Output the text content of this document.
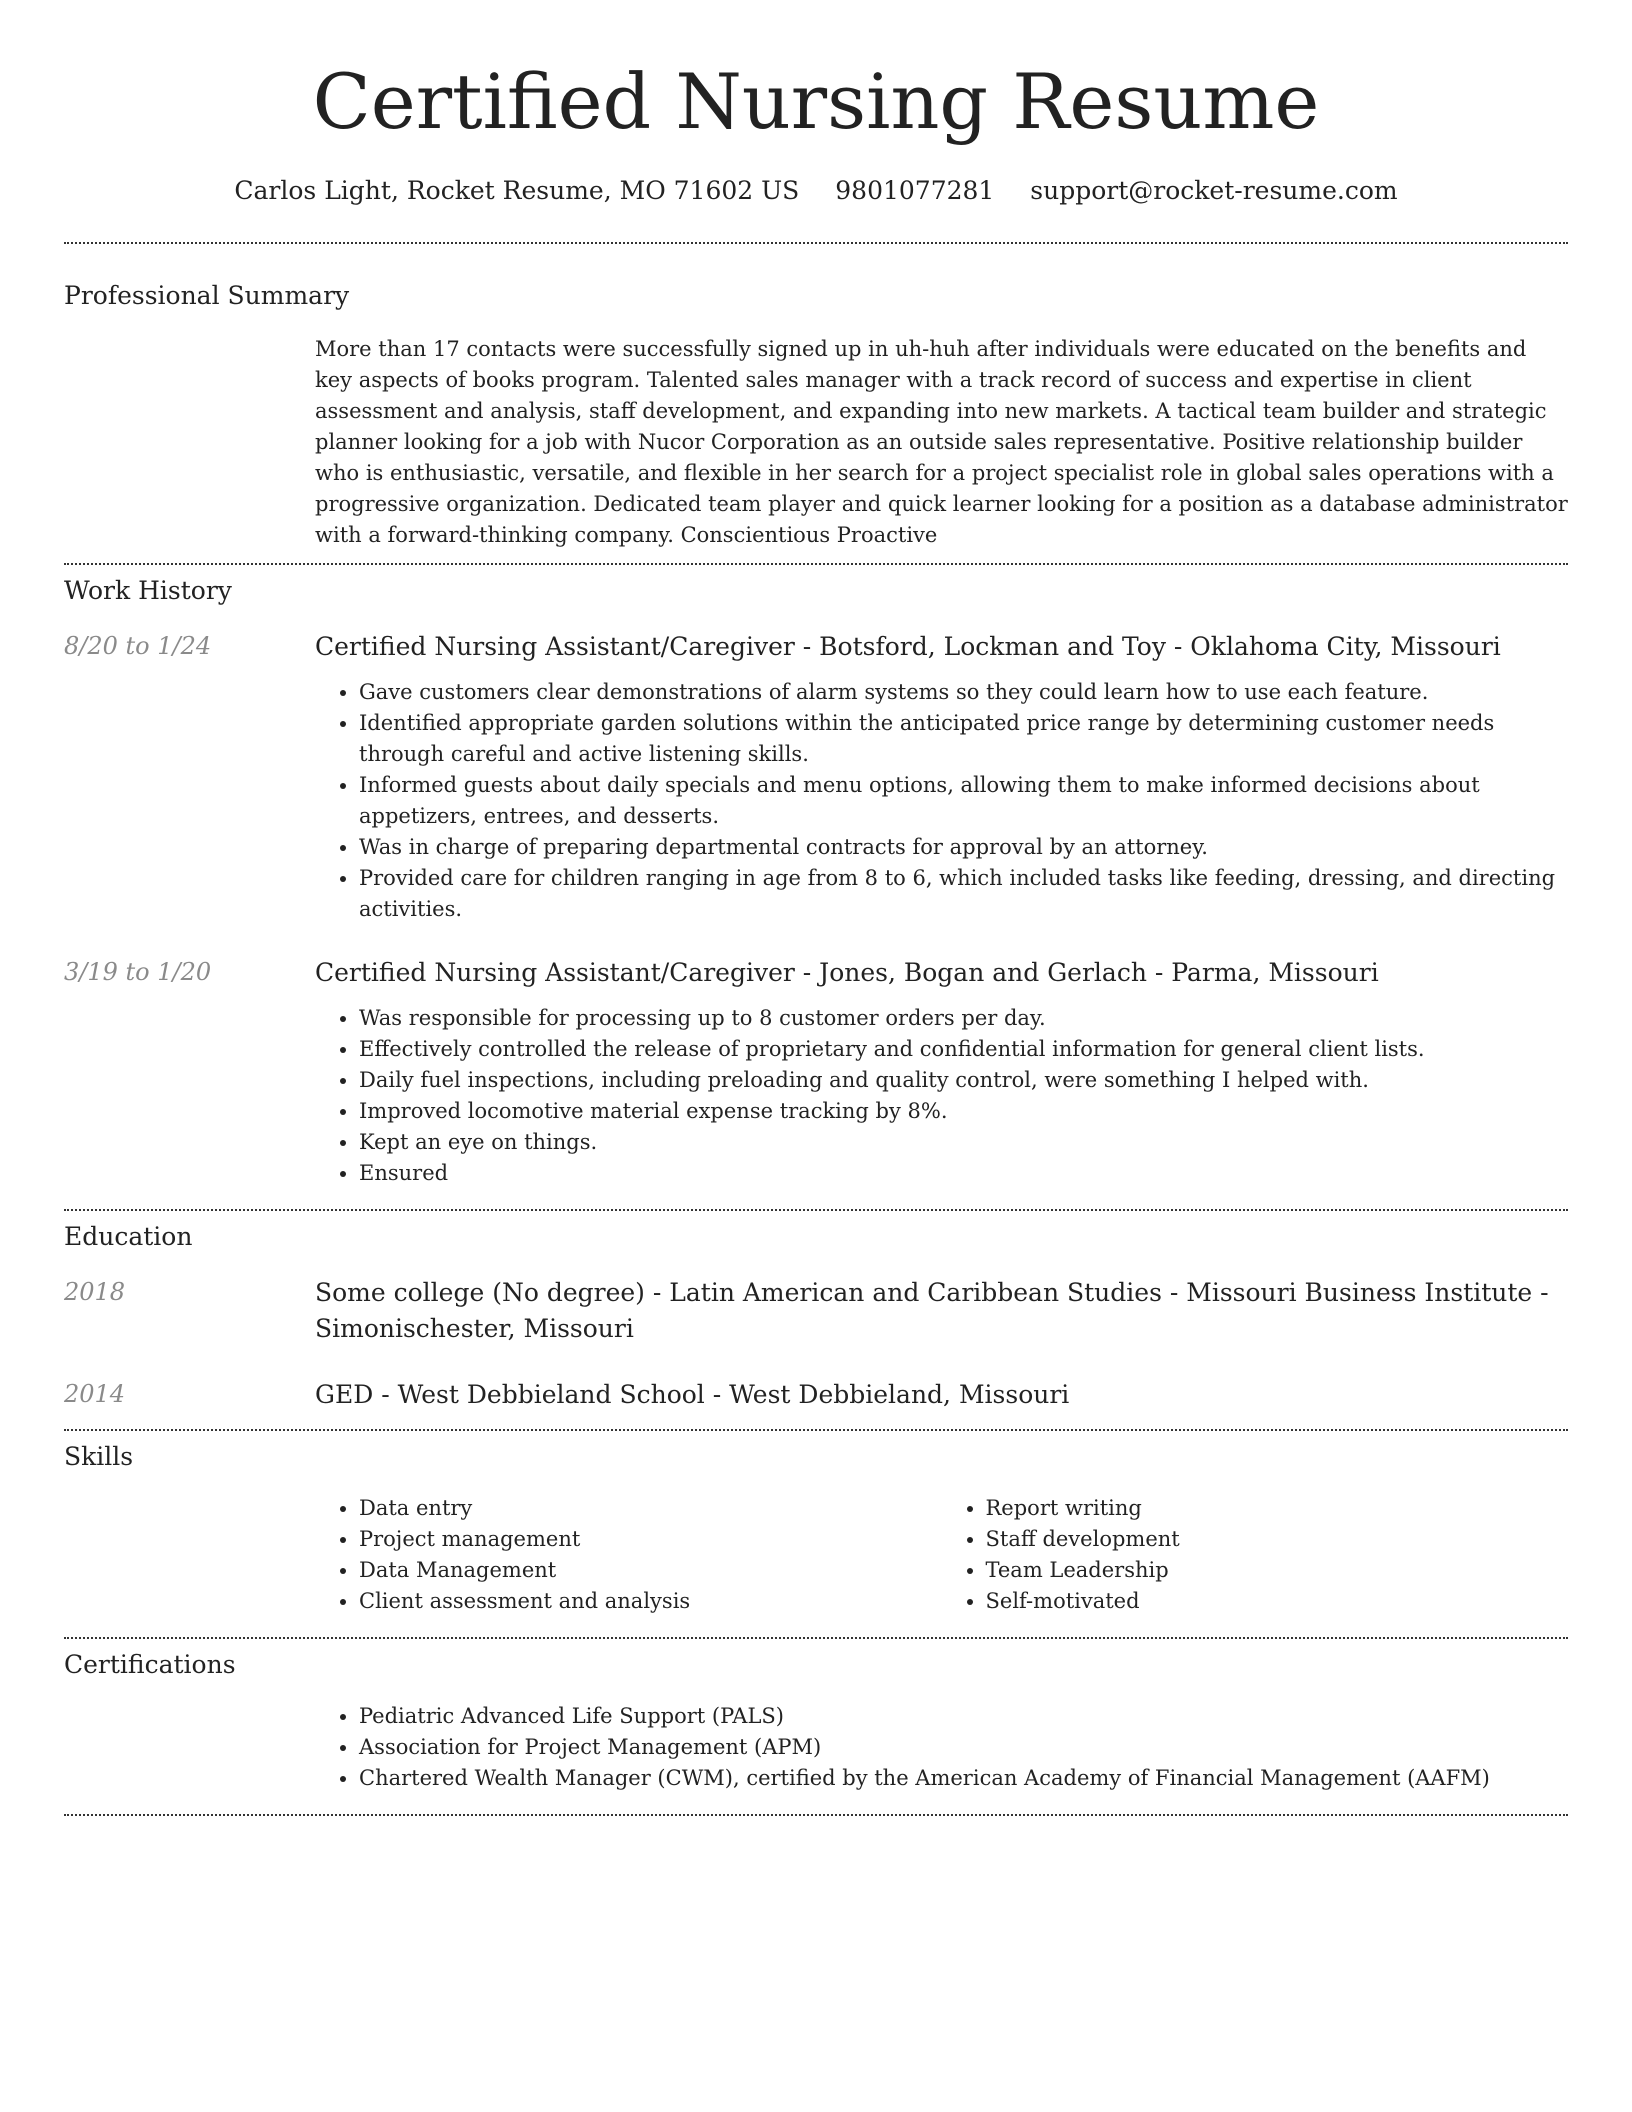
Certified Nursing Resume
Carlos Light, Rocket Resume, MO 71602 US 9801077281 support@rocket-resume.com
Professional Summary

More than 17 contacts were successfully signed up in uh-huh after individuals were educated on the benefits and key aspects of books program. Talented sales manager with a track record of success and expertise in client assessment and analysis, staff development, and expanding into new markets. A tactical team builder and strategic planner looking for a job with Nucor Corporation as an outside sales representative. Positive relationship builder who is enthusiastic, versatile, and flexible in her search for a project specialist role in global sales operations with a progressive organization. Dedicated team player and quick learner looking for a position as a database administrator with a forward-thinking company. Conscientious Proactive

Work History
8/20 to 1/24	Certified Nursing Assistant/Caregiver - Botsford, Lockman and Toy - Oklahoma City, Missouri

• Gave customers clear demonstrations of alarm systems so they could learn how to use each feature.
• Identified appropriate garden solutions within the anticipated price range by determining customer needs through careful and active listening skills.
• Informed guests about daily specials and menu options, allowing them to make informed decisions about appetizers, entrees, and desserts.
• Was in charge of preparing departmental contracts for approval by an attorney.
• Provided care for children ranging in age from 8 to 6, which included tasks like feeding, dressing, and directing activities.
3/19 to 1/20	Certified Nursing Assistant/Caregiver - Jones, Bogan and Gerlach - Parma, Missouri

• Was responsible for processing up to 8 customer orders per day.
• Effectively controlled the release of proprietary and confidential information for general client lists.
• Daily fuel inspections, including preloading and quality control, were something I helped with.
• Improved locomotive material expense tracking by 8%.
• Kept an eye on things.
• Ensured
Education
2018	Some college (No degree) - Latin American and Caribbean Studies - Missouri Business Institute - Simonischester, Missouri

2014	GED - West Debbieland School - West Debbieland, Missouri

Skills
• Data entry
• Project management
• Data Management
• Client assessment and analysis
• Report writing
• Staff development
• Team Leadership
• Self-motivated
Certifications
• Pediatric Advanced Life Support (PALS)
• Association for Project Management (APM)
• Chartered Wealth Manager (CWM), certified by the American Academy of Financial Management (AAFM)
